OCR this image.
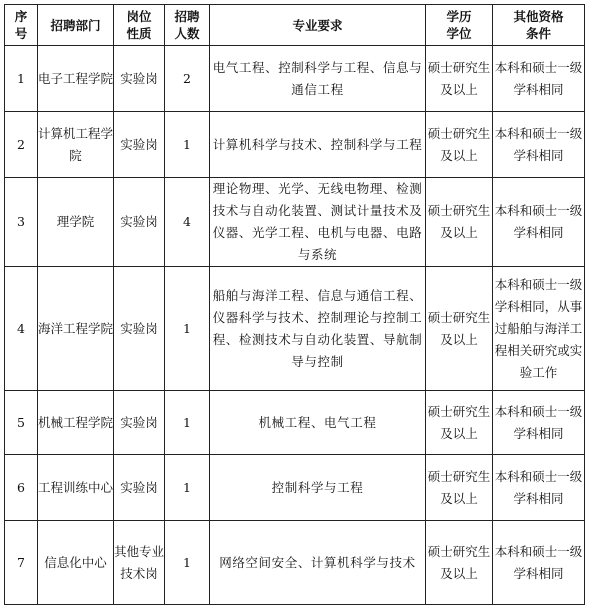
序号	招聘部门	岗位性质	招聘人数	专业要求	学历学位	其他资格条件

1	电子工程学院	实验岗	2	电气工程、控制科学与工程、信息与通信工程	硕士研究生及以上	本科和硕士一级学科相同
2	计算机工程学院	实验岗	1	计算机科学与技术、控制科学与工程	硕士研究生及以上	本科和硕士一级学科相同
3	理学院	实验岗	4	理论物理、光学、无线电物理、检测技术与自动化装置、测试计量技术及仪器、光学工程、电机与电器、电路与系统	硕士研究生及以上	本科和硕士一级学科相同
4	海洋工程学院	实验岗	1	船舶与海洋工程、信息与通信工程、仪器科学与技术、控制理论与控制工程、检测技术与自动化装置、导航制导与控制	硕士研究生及以上	本科和硕士一级学科相同，从事过船舶与海洋工程相关研究或实验工作
5	机械工程学院	实验岗	1	机械工程、电气工程	硕士研究生及以上	本科和硕士一级学科相同
6	工程训练中心	实验岗	1	控制科学与工程	硕士研究生及以上	本科和硕士一级学科相同
7	信息化中心	其他专业技术岗	1	网络空间安全、计算机科学与技术	硕士研究生及以上	本科和硕士一级学科相同
